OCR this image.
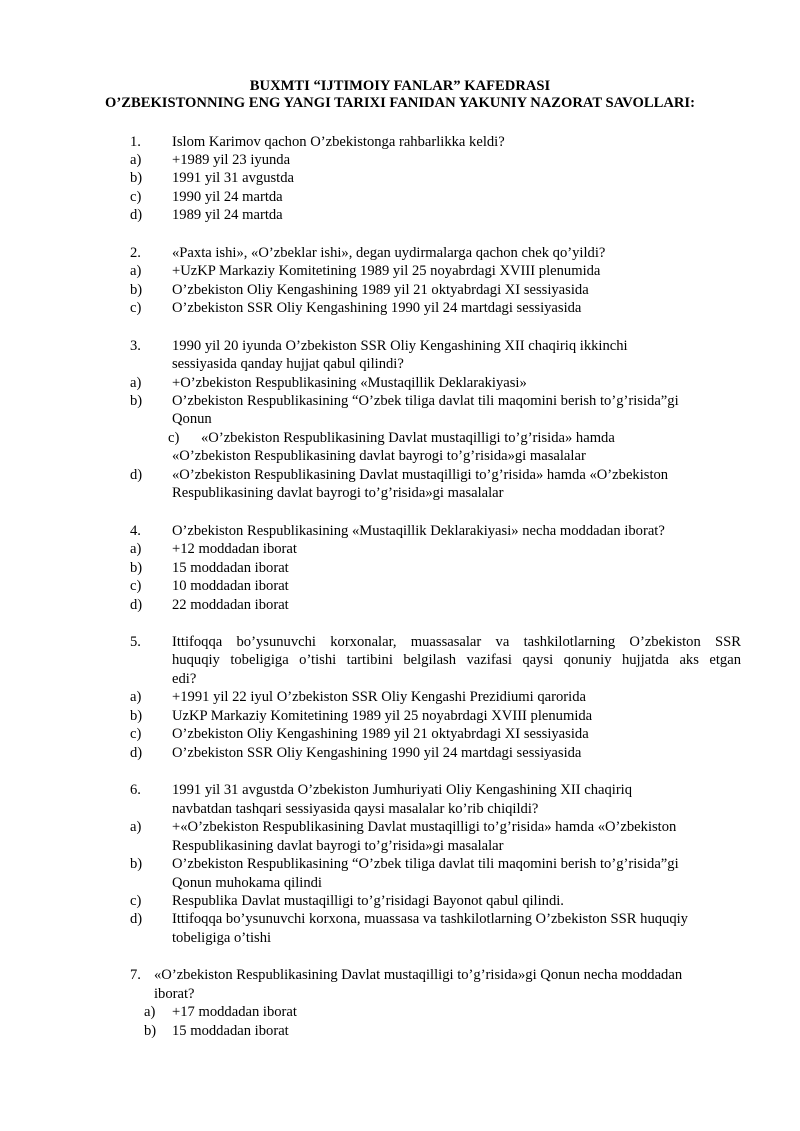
BUXMTI “IJTIMOIY FANLAR” KAFEDRASI
O’ZBEKISTONNING ENG YANGI TARIXI FANIDAN YAKUNIY NAZORAT SAVOLLARI:
1. Islom Karimov qachon O’zbekistonga rahbarlikka keldi?
a) +1989 yil 23 iyunda
b) 1991 yil 31 avgustda
c) 1990 yil 24 martda
d) 1989 yil 24 martda
2. «Paxta ishi», «O’zbeklar ishi», degan uydirmalarga qachon chek qo’yildi?
a) +UzKP Markaziy Komitetining 1989 yil 25 noyabrdagi XVIII plenumida
b) O’zbekiston Oliy Kengashining 1989 yil 21 oktyabrdagi XI sessiyasida
c) O’zbekiston SSR Oliy Kengashining 1990 yil 24 martdagi sessiyasida
3. 1990 yil 20 iyunda O’zbekiston SSR Oliy Kengashining XII chaqiriq ikkinchi
sessiyasida qanday hujjat qabul qilindi?
a) +O’zbekiston Respublikasining «Mustaqillik Deklarakiyasi»
b) O’zbekiston Respublikasining “O’zbek tiliga davlat tili maqomini berish to’g’risida”gi
Qonun
c) «O’zbekiston Respublikasining Davlat mustaqilligi to’g’risida» hamda
«O’zbekiston Respublikasining davlat bayrogi to’g’risida»gi masalalar
d) «O’zbekiston Respublikasining Davlat mustaqilligi to’g’risida» hamda «O’zbekiston
Respublikasining davlat bayrogi to’g’risida»gi masalalar
4. O’zbekiston Respublikasining «Mustaqillik Deklarakiyasi» necha moddadan iborat?
a) +12 moddadan iborat
b) 15 moddadan iborat
c) 10 moddadan iborat
d) 22 moddadan iborat
5. Ittifoqqa bo’ysunuvchi korxonalar, muassasalar va tashkilotlarning O’zbekiston SSR
huquqiy tobeligiga o’tishi tartibini belgilash vazifasi qaysi qonuniy hujjatda aks etgan
edi?
a) +1991 yil 22 iyul O’zbekiston SSR Oliy Kengashi Prezidiumi qarorida
b) UzKP Markaziy Komitetining 1989 yil 25 noyabrdagi XVIII plenumida
c) O’zbekiston Oliy Kengashining 1989 yil 21 oktyabrdagi XI sessiyasida
d) O’zbekiston SSR Oliy Kengashining 1990 yil 24 martdagi sessiyasida
6. 1991 yil 31 avgustda O’zbekiston Jumhuriyati Oliy Kengashining XII chaqiriq
navbatdan tashqari sessiyasida qaysi masalalar ko’rib chiqildi?
a) +«O’zbekiston Respublikasining Davlat mustaqilligi to’g’risida» hamda «O’zbekiston
Respublikasining davlat bayrogi to’g’risida»gi masalalar
b) O’zbekiston Respublikasining “O’zbek tiliga davlat tili maqomini berish to’g’risida”gi
Qonun muhokama qilindi
c) Respublika Davlat mustaqilligi to’g’risidagi Bayonot qabul qilindi.
d) Ittifoqqa bo’ysunuvchi korxona, muassasa va tashkilotlarning O’zbekiston SSR huquqiy
tobeligiga o’tishi
7. «O’zbekiston Respublikasining Davlat mustaqilligi to’g’risida»gi Qonun necha moddadan
iborat?
a) +17 moddadan iborat
b) 15 moddadan iborat
